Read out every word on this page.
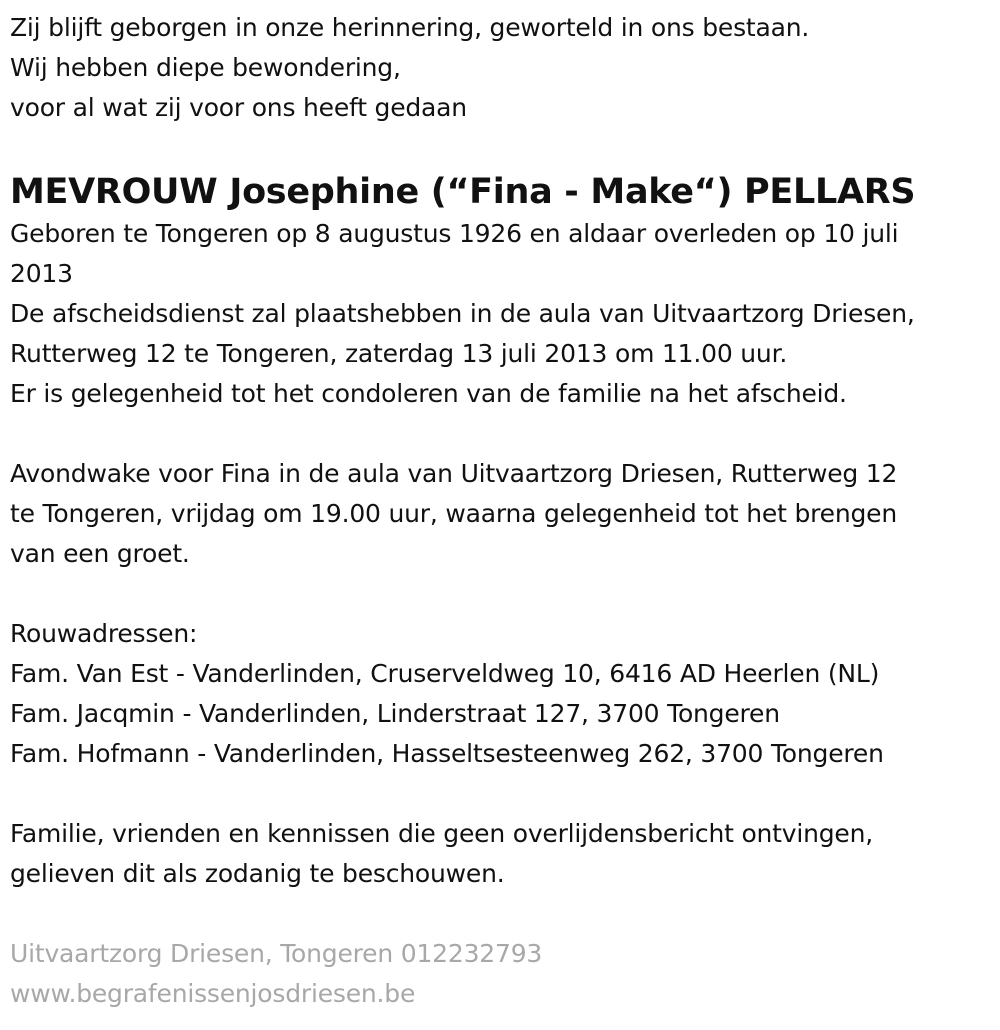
Zij blijft geborgen in onze herinnering, geworteld in ons bestaan.
Wij hebben diepe bewondering,
voor al wat zij voor ons heeft gedaan
MEVROUW Josephine (“Fina - Make“) PELLARS
Geboren te Tongeren op 8 augustus 1926 en aldaar overleden op 10 juli
2013
De afscheidsdienst zal plaatshebben in de aula van Uitvaartzorg Driesen,
Rutterweg 12 te Tongeren, zaterdag 13 juli 2013 om 11.00 uur.
Er is gelegenheid tot het condoleren van de familie na het afscheid.
Avondwake voor Fina in de aula van Uitvaartzorg Driesen, Rutterweg 12
te Tongeren, vrijdag om 19.00 uur, waarna gelegenheid tot het brengen
van een groet.
Rouwadressen:
Fam. Van Est - Vanderlinden, Cruserveldweg 10, 6416 AD Heerlen (NL)
Fam. Jacqmin - Vanderlinden, Linderstraat 127, 3700 Tongeren
Fam. Hofmann - Vanderlinden, Hasseltsesteenweg 262, 3700 Tongeren
Familie, vrienden en kennissen die geen overlijdensbericht ontvingen,
gelieven dit als zodanig te beschouwen.
Uitvaartzorg Driesen, Tongeren 012232793
www.begrafenissenjosdriesen.be
